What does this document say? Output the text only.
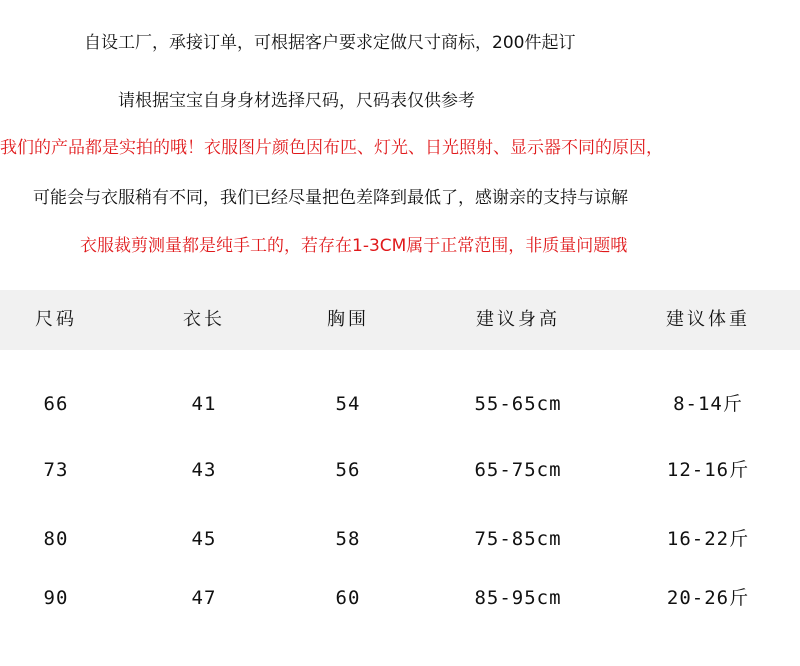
自设工厂，承接订单，可根据客户要求定做尺寸商标，200件起订
请根据宝宝自身身材选择尺码，尺码表仅供参考
我们的产品都是实拍的哦！衣服图片颜色因布匹、灯光、日光照射、显示器不同的原因，
可能会与衣服稍有不同，我们已经尽量把色差降到最低了，感谢亲的支持与谅解
衣服裁剪测量都是纯手工的，若存在1-3CM属于正常范围，非质量问题哦
尺码	衣长	胸围	建议身高	建议体重
66	41	54	55-65cm	8-14斤
73	43	56	65-75cm	12-16斤
80	45	58	75-85cm	16-22斤
90	47	60	85-95cm	20-26斤
